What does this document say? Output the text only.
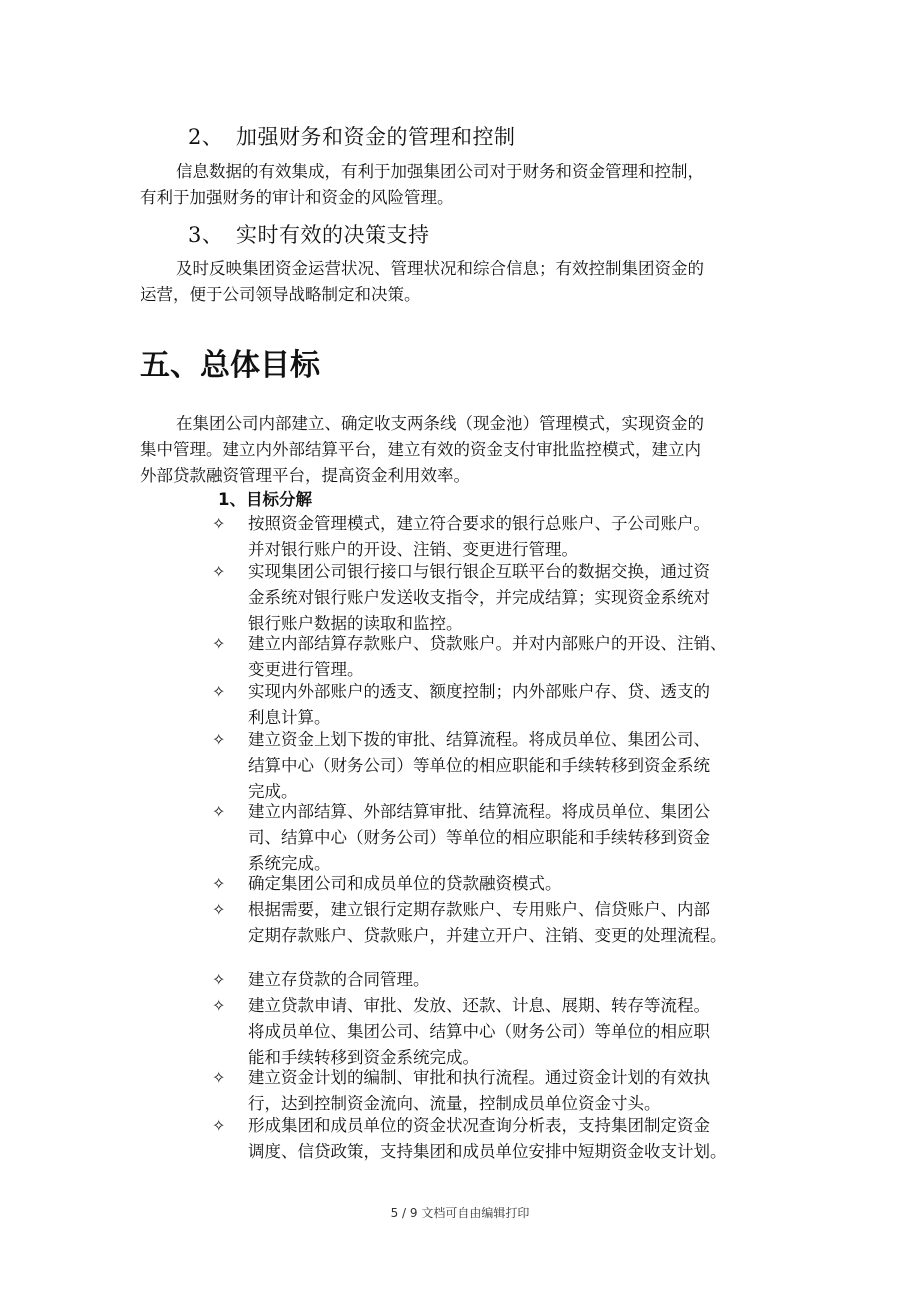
2、 加强财务和资金的管理和控制
信息数据的有效集成，有利于加强集团公司对于财务和资金管理和控制，
有利于加强财务的审计和资金的风险管理。
3、 实时有效的决策支持
及时反映集团资金运营状况、管理状况和综合信息；有效控制集团资金的
运营，便于公司领导战略制定和决策。
五、总体目标
在集团公司内部建立、确定收支两条线（现金池）管理模式，实现资金的
集中管理。建立内外部结算平台，建立有效的资金支付审批监控模式，建立内
外部贷款融资管理平台，提高资金利用效率。
1、目标分解
✧	按照资金管理模式，建立符合要求的银行总账户、子公司账户。
并对银行账户的开设、注销、变更进行管理。
✧	实现集团公司银行接口与银行银企互联平台的数据交换，通过资
金系统对银行账户发送收支指令，并完成结算；实现资金系统对
银行账户数据的读取和监控。
✧	建立内部结算存款账户、贷款账户。并对内部账户的开设、注销、
变更进行管理。
✧	实现内外部账户的透支、额度控制；内外部账户存、贷、透支的
利息计算。
✧	建立资金上划下拨的审批、结算流程。将成员单位、集团公司、
结算中心（财务公司）等单位的相应职能和手续转移到资金系统
完成。
✧	建立内部结算、外部结算审批、结算流程。将成员单位、集团公
司、结算中心（财务公司）等单位的相应职能和手续转移到资金
系统完成。
✧	确定集团公司和成员单位的贷款融资模式。
✧	根据需要，建立银行定期存款账户、专用账户、信贷账户、内部
定期存款账户、贷款账户，并建立开户、注销、变更的处理流程。
✧	建立存贷款的合同管理。
✧	建立贷款申请、审批、发放、还款、计息、展期、转存等流程。
将成员单位、集团公司、结算中心（财务公司）等单位的相应职
能和手续转移到资金系统完成。
✧	建立资金计划的编制、审批和执行流程。通过资金计划的有效执
行，达到控制资金流向、流量，控制成员单位资金寸头。
✧	形成集团和成员单位的资金状况查询分析表，支持集团制定资金
调度、信贷政策，支持集团和成员单位安排中短期资金收支计划。
5 / 9 文档可自由编辑打印
